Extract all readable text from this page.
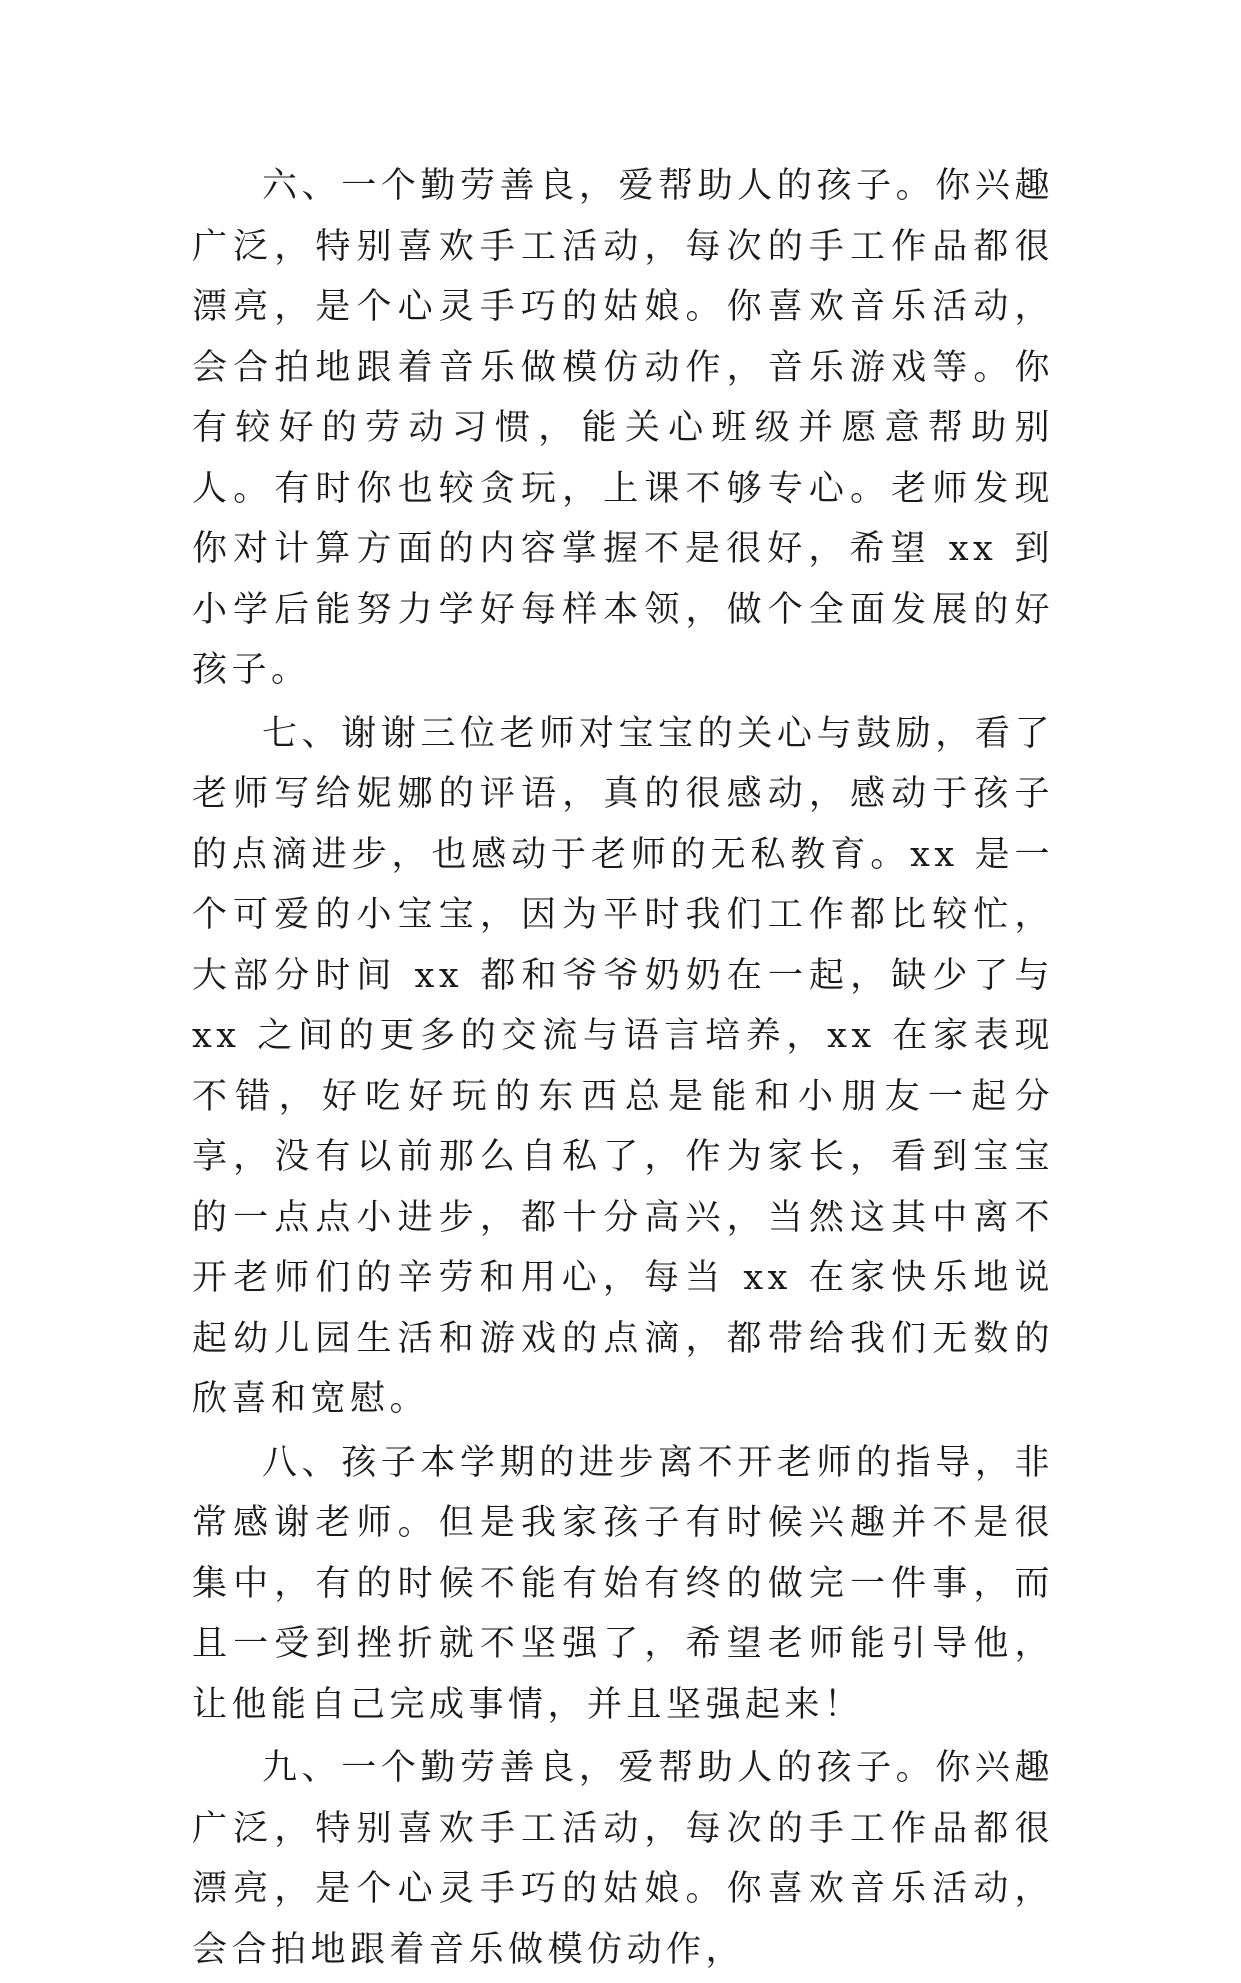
六、一个勤劳善良，爱帮助人的孩子。你兴趣广泛，特别喜欢手工活动，每次的手工作品都很漂亮，是个心灵手巧的姑娘。你喜欢音乐活动，会合拍地跟着音乐做模仿动作，音乐游戏等。你有较好的劳动习惯，能关心班级并愿意帮助别人。有时你也较贪玩，上课不够专心。老师发现你对计算方面的内容掌握不是很好，希望 xx 到小学后能努力学好每样本领，做个全面发展的好孩子。

七、谢谢三位老师对宝宝的关心与鼓励，看了老师写给妮娜的评语，真的很感动，感动于孩子的点滴进步，也感动于老师的无私教育。xx 是一个可爱的小宝宝，因为平时我们工作都比较忙，大部分时间 xx 都和爷爷奶奶在一起，缺少了与 xx 之间的更多的交流与语言培养，xx 在家表现不错，好吃好玩的东西总是能和小朋友一起分享，没有以前那么自私了，作为家长，看到宝宝的一点点小进步，都十分高兴，当然这其中离不开老师们的辛劳和用心，每当 xx 在家快乐地说起幼儿园生活和游戏的点滴，都带给我们无数的欣喜和宽慰。

八、孩子本学期的进步离不开老师的指导，非常感谢老师。但是我家孩子有时候兴趣并不是很集中，有的时候不能有始有终的做完一件事，而且一受到挫折就不坚强了，希望老师能引导他，让他能自己完成事情，并且坚强起来！

九、一个勤劳善良，爱帮助人的孩子。你兴趣广泛，特别喜欢手工活动，每次的手工作品都很漂亮，是个心灵手巧的姑娘。你喜欢音乐活动，会合拍地跟着音乐做模仿动作，
